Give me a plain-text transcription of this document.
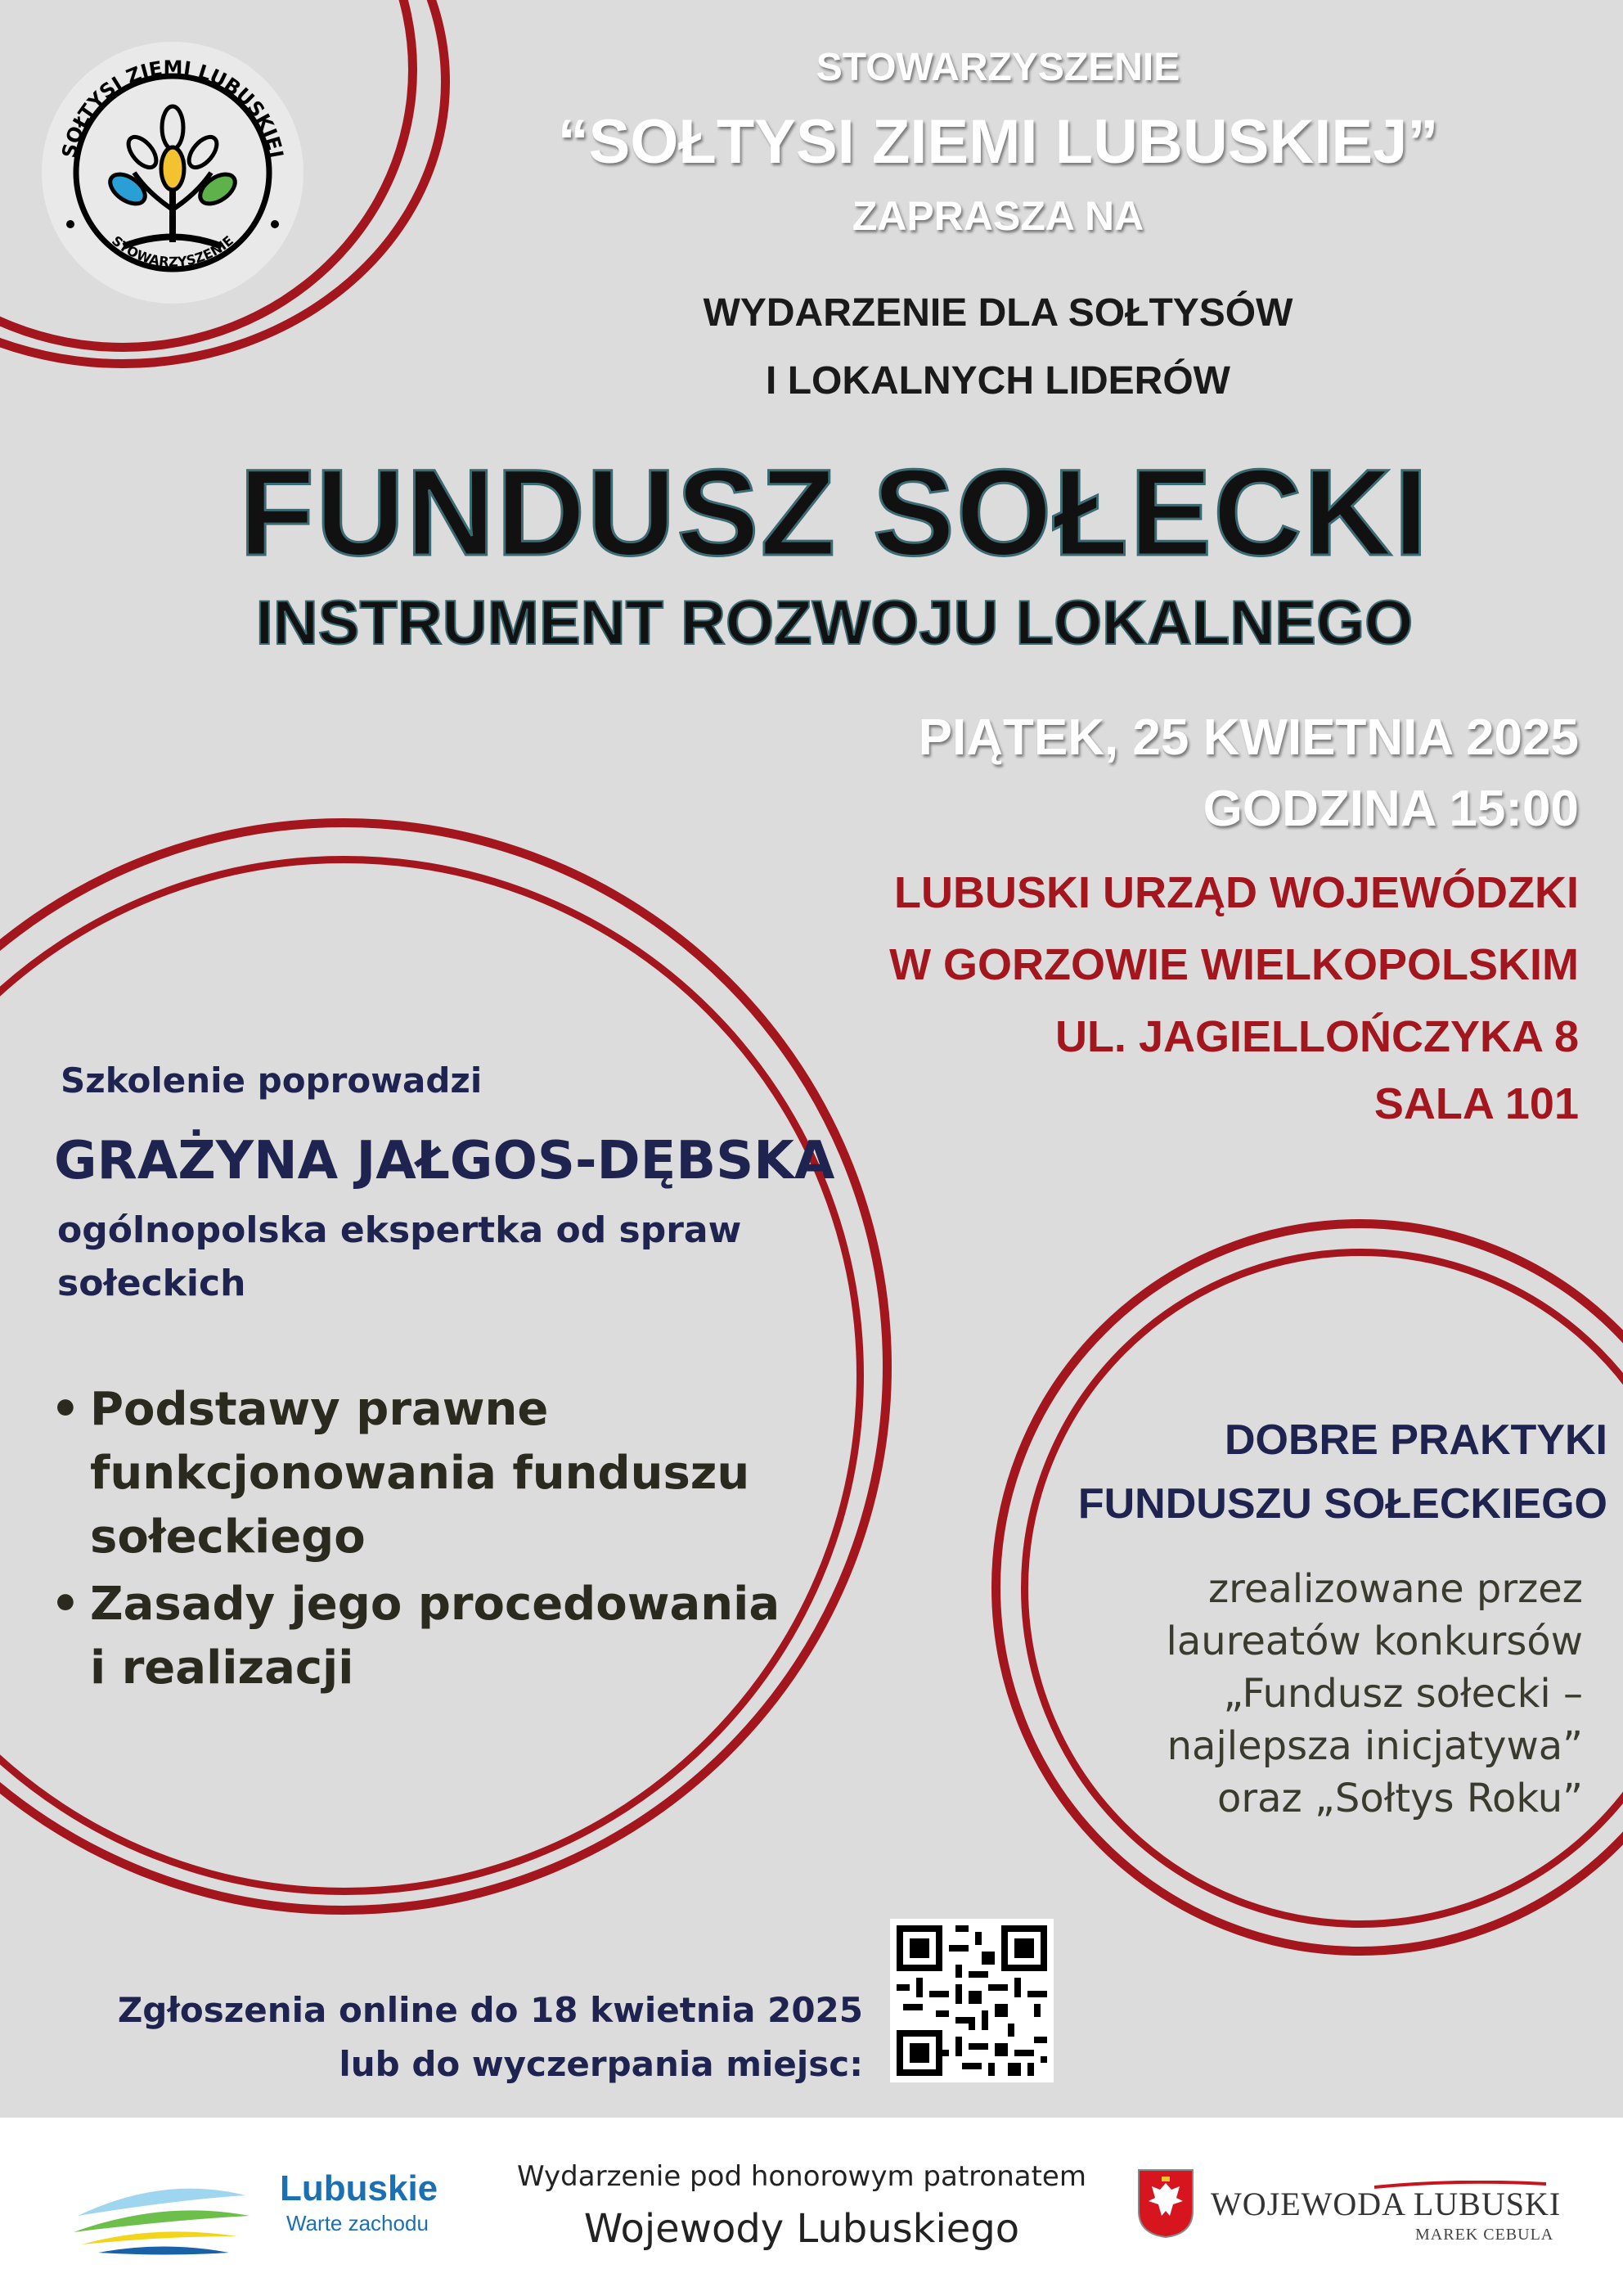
SOŁTYSI ZIEMI LUBUSKIEJ
STOWARZYSZENIE
STOWARZYSZENIE
“SOŁTYSI ZIEMI LUBUSKIEJ”
ZAPRASZA NA
WYDARZENIE DLA SOŁTYSÓW
I LOKALNYCH LIDERÓW
FUNDUSZ SOŁECKI
INSTRUMENT ROZWOJU LOKALNEGO
PIĄTEK, 25 KWIETNIA 2025
GODZINA 15:00
LUBUSKI URZĄD WOJEWÓDZKI
W GORZOWIE WIELKOPOLSKIM
UL. JAGIELLOŃCZYKA 8
SALA 101
Szkolenie poprowadzi
GRAŻYNA JAŁGOS-DĘBSKA
ogólnopolska ekspertka od spraw
sołeckich
• Podstawy prawne
funkcjonowania funduszu
sołeckiego
• Zasady jego procedowania
i realizacji
DOBRE PRAKTYKI
FUNDUSZU SOŁECKIEGO
zrealizowane przez
laureatów konkursów
„Fundusz sołecki –
najlepsza inicjatywa”
oraz „Sołtys Roku”
Zgłoszenia online do 18 kwietnia 2025
lub do wyczerpania miejsc:
Lubuskie
Warte zachodu
Wydarzenie pod honorowym patronatem
Wojewody Lubuskiego
WOJEWODA LUBUSKI
MAREK CEBULA
